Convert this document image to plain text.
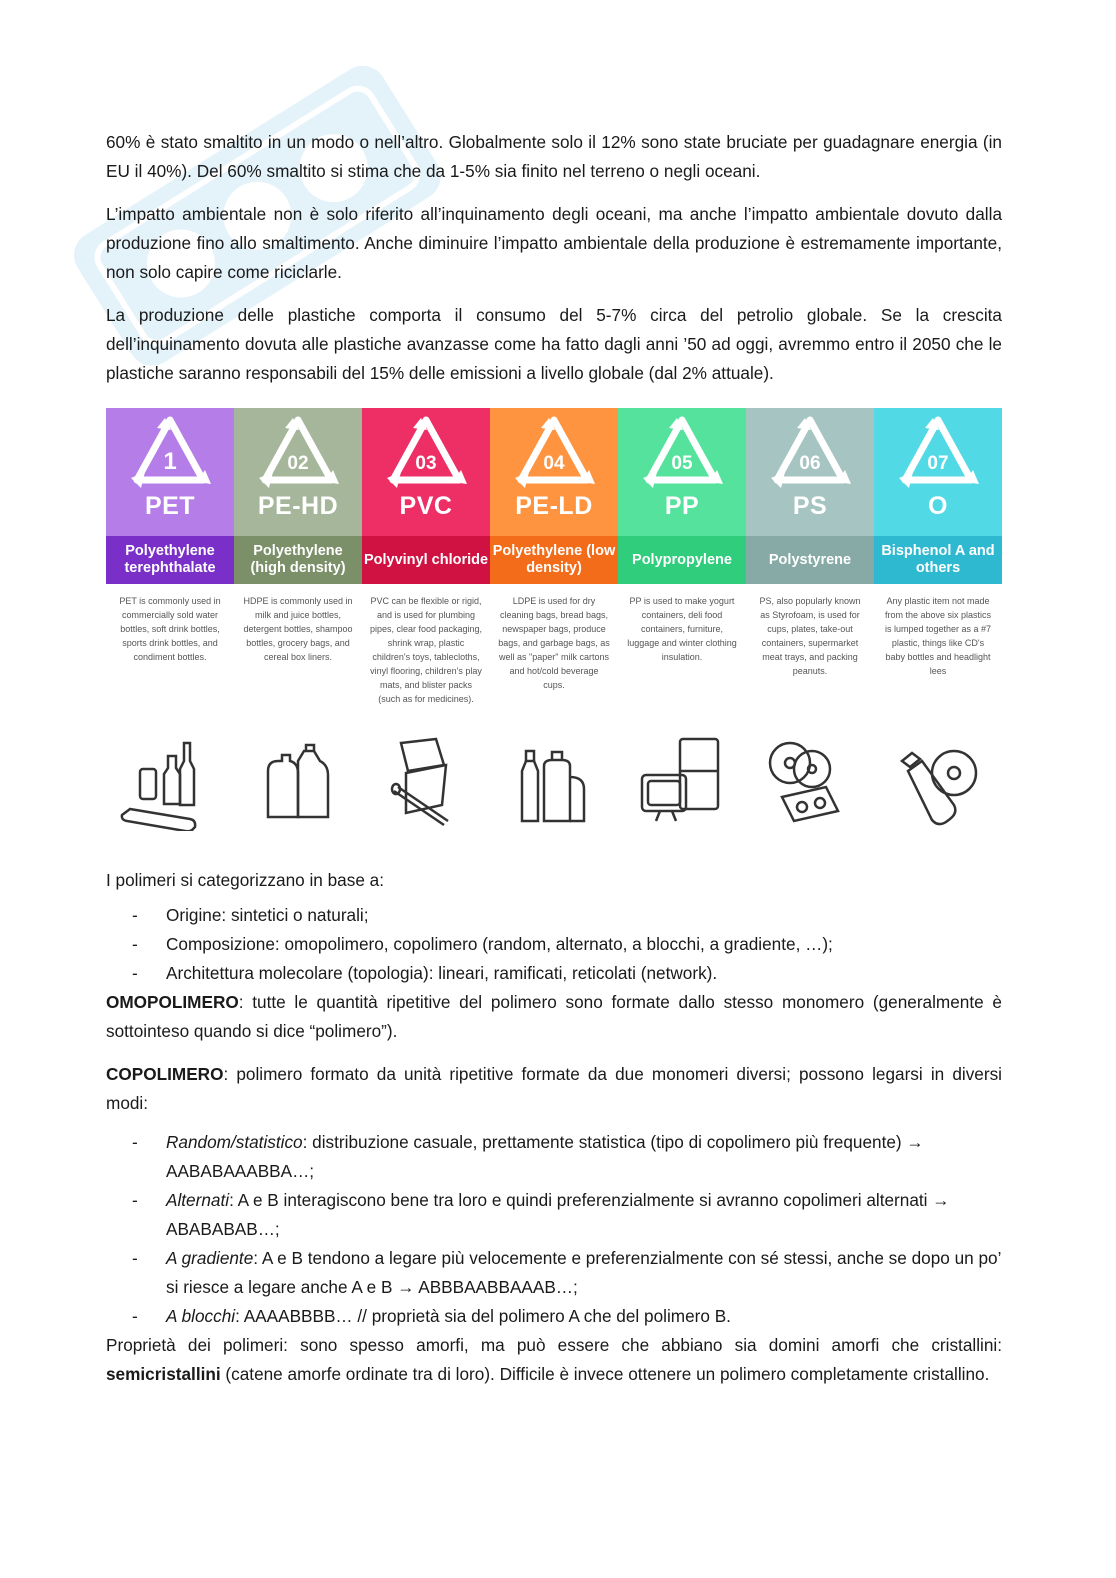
60% è stato smaltito in un modo o nell’altro. Globalmente solo il 12% sono state bruciate per guadagnare energia (in EU il 40%). Del 60% smaltito si stima che da 1-5% sia finito nel terreno o negli oceani.

L’impatto ambientale non è solo riferito all’inquinamento degli oceani, ma anche l’impatto ambientale dovuto dalla produzione fino allo smaltimento. Anche diminuire l’impatto ambientale della produzione è estremamente importante, non solo capire come riciclarle.

La produzione delle plastiche comporta il consumo del 5-7% circa del petrolio globale. Se la crescita dell’inquinamento dovuta alle plastiche avanzasse come ha fatto dagli anni ’50 ad oggi, avremmo entro il 2050 che le plastiche saranno responsabili del 15% delle emissioni a livello globale (dal 2% attuale).

1
PET
Polyethylene terephthalate
PET is commonly used in commercially sold water bottles, soft drink bottles, sports drink bottles, and condiment bottles.
02
PE-HD
Polyethylene (high density)
HDPE is commonly used in milk and juice bottles, detergent bottles, shampoo bottles, grocery bags, and cereal box liners.
03
PVC
Polyvinyl chloride
PVC can be flexible or rigid, and is used for plumbing pipes, clear food packaging, shrink wrap, plastic children's toys, tablecloths, vinyl flooring, children's play mats, and blister packs (such as for medicines).
04
PE-LD
Polyethylene (low density)
LDPE is used for dry cleaning bags, bread bags, newspaper bags, produce bags, and garbage bags, as well as "paper" milk cartons and hot/cold beverage cups.
05
PP
Polypropylene
PP is used to make yogurt containers, deli food containers, furniture, luggage and winter clothing insulation.
06
PS
Polystyrene
PS, also popularly known as Styrofoam, is used for cups, plates, take-out containers, supermarket meat trays, and packing peanuts.
07
O
Bisphenol A and others
Any plastic item not made from the above six plastics is lumped together as a #7 plastic, things like CD's baby bottles and headlight lees

I polimeri si categorizzano in base a:

- Origine: sintetici o naturali;
- Composizione: omopolimero, copolimero (random, alternato, a blocchi, a gradiente, …);
- Architettura molecolare (topologia): lineari, ramificati, reticolati (network).

OMOPOLIMERO: tutte le quantità ripetitive del polimero sono formate dallo stesso monomero (generalmente è sottointeso quando si dice “polimero”).

COPOLIMERO: polimero formato da unità ripetitive formate da due monomeri diversi; possono legarsi in diversi modi:

- Random/statistico: distribuzione casuale, prettamente statistica (tipo di copolimero più frequente) → AABABAAABBA…;
- Alternati: A e B interagiscono bene tra loro e quindi preferenzialmente si avranno copolimeri alternati → ABABABAB…;
- A gradiente: A e B tendono a legare più velocemente e preferenzialmente con sé stessi, anche se dopo un po’ si riesce a legare anche A e B → ABBBAABBAAAB…;
- A blocchi: AAAABBBB… // proprietà sia del polimero A che del polimero B.

Proprietà dei polimeri: sono spesso amorfi, ma può essere che abbiano sia domini amorfi che cristallini: semicristallini (catene amorfe ordinate tra di loro). Difficile è invece ottenere un polimero completamente cristallino.
